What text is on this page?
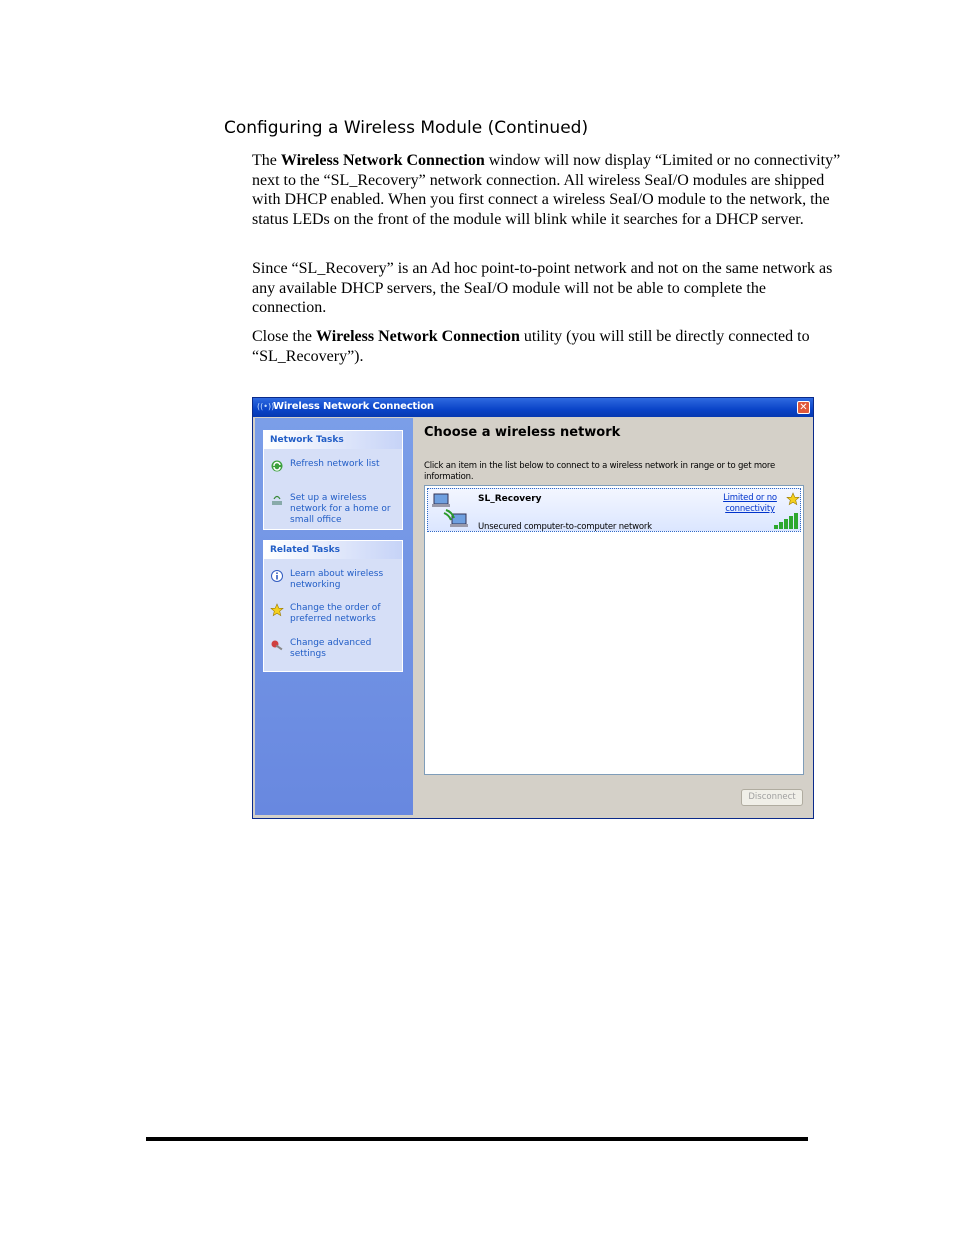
Configuring a Wireless Module (Continued)
The Wireless Network Connection window will now display “Limited or no connectivity” next to the “SL_Recovery” network connection. All wireless SeaI/O modules are shipped with DHCP enabled. When you first connect a wireless SeaI/O module to the network, the status LEDs on the front of the module will blink while it searches for a DHCP server.
Since “SL_Recovery” is an Ad hoc point-to-point network and not on the same network as any available DHCP servers, the SeaI/O module will not be able to complete the connection.
Close the Wireless Network Connection utility (you will still be directly connected to “SL_Recovery”).
((•))
Wireless Network Connection	✕
Network Tasks
Refresh network list
Set up a wireless network for a home or small office
Related Tasks
Learn about wireless networking
Change the order of preferred networks
Change advanced settings
Choose a wireless network
Click an item in the list below to connect to a wireless network in range or to get more information.
SL_Recovery
Unsecured computer-to-computer network
Limited or no connectivity
Disconnect
